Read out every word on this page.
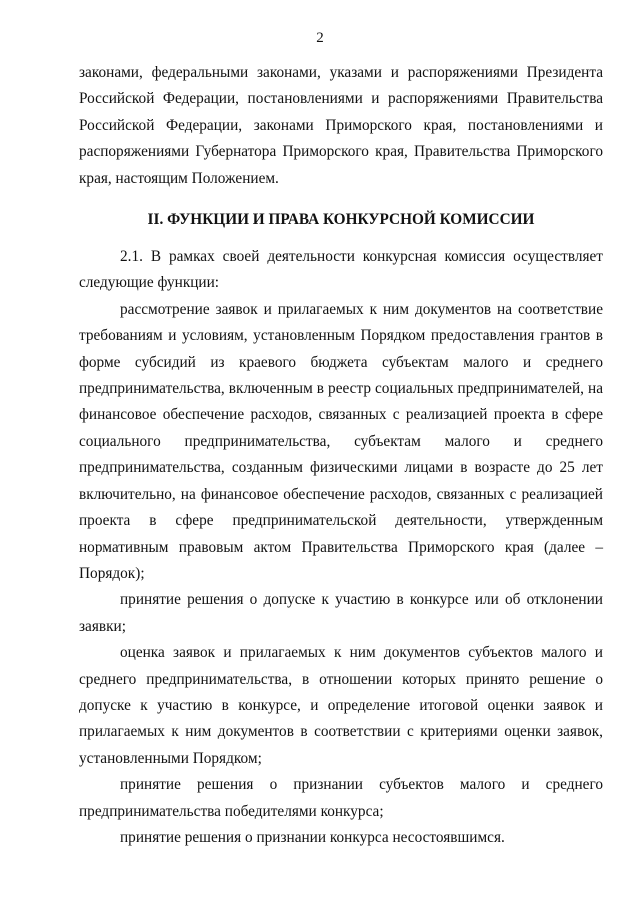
2

законами, федеральными законами, указами и распоряжениями Президента Российской Федерации, постановлениями и распоряжениями Правительства Российской Федерации, законами Приморского края, постановлениями и распоряжениями Губернатора Приморского края, Правительства Приморского края, настоящим Положением.

II. ФУНКЦИИ И ПРАВА КОНКУРСНОЙ КОМИССИИ

2.1. В рамках своей деятельности конкурсная комиссия осуществляет следующие функции:

рассмотрение заявок и прилагаемых к ним документов на соответствие требованиям и условиям, установленным Порядком предоставления грантов в форме субсидий из краевого бюджета субъектам малого и среднего предпринимательства, включенным в реестр социальных предпринимателей, на финансовое обеспечение расходов, связанных с реализацией проекта в сфере социального предпринимательства, субъектам малого и среднего предпринимательства, созданным физическими лицами в возрасте до 25 лет включительно, на финансовое обеспечение расходов, связанных с реализацией проекта в сфере предпринимательской деятельности, утвержденным нормативным правовым актом Правительства Приморского края (далее – Порядок);

принятие решения о допуске к участию в конкурсе или об отклонении заявки;

оценка заявок и прилагаемых к ним документов субъектов малого и среднего предпринимательства, в отношении которых принято решение о допуске к участию в конкурсе, и определение итоговой оценки заявок и прилагаемых к ним документов в соответствии с критериями оценки заявок, установленными Порядком;

принятие решения о признании субъектов малого и среднего предпринимательства победителями конкурса;

принятие решения о признании конкурса несостоявшимся.
